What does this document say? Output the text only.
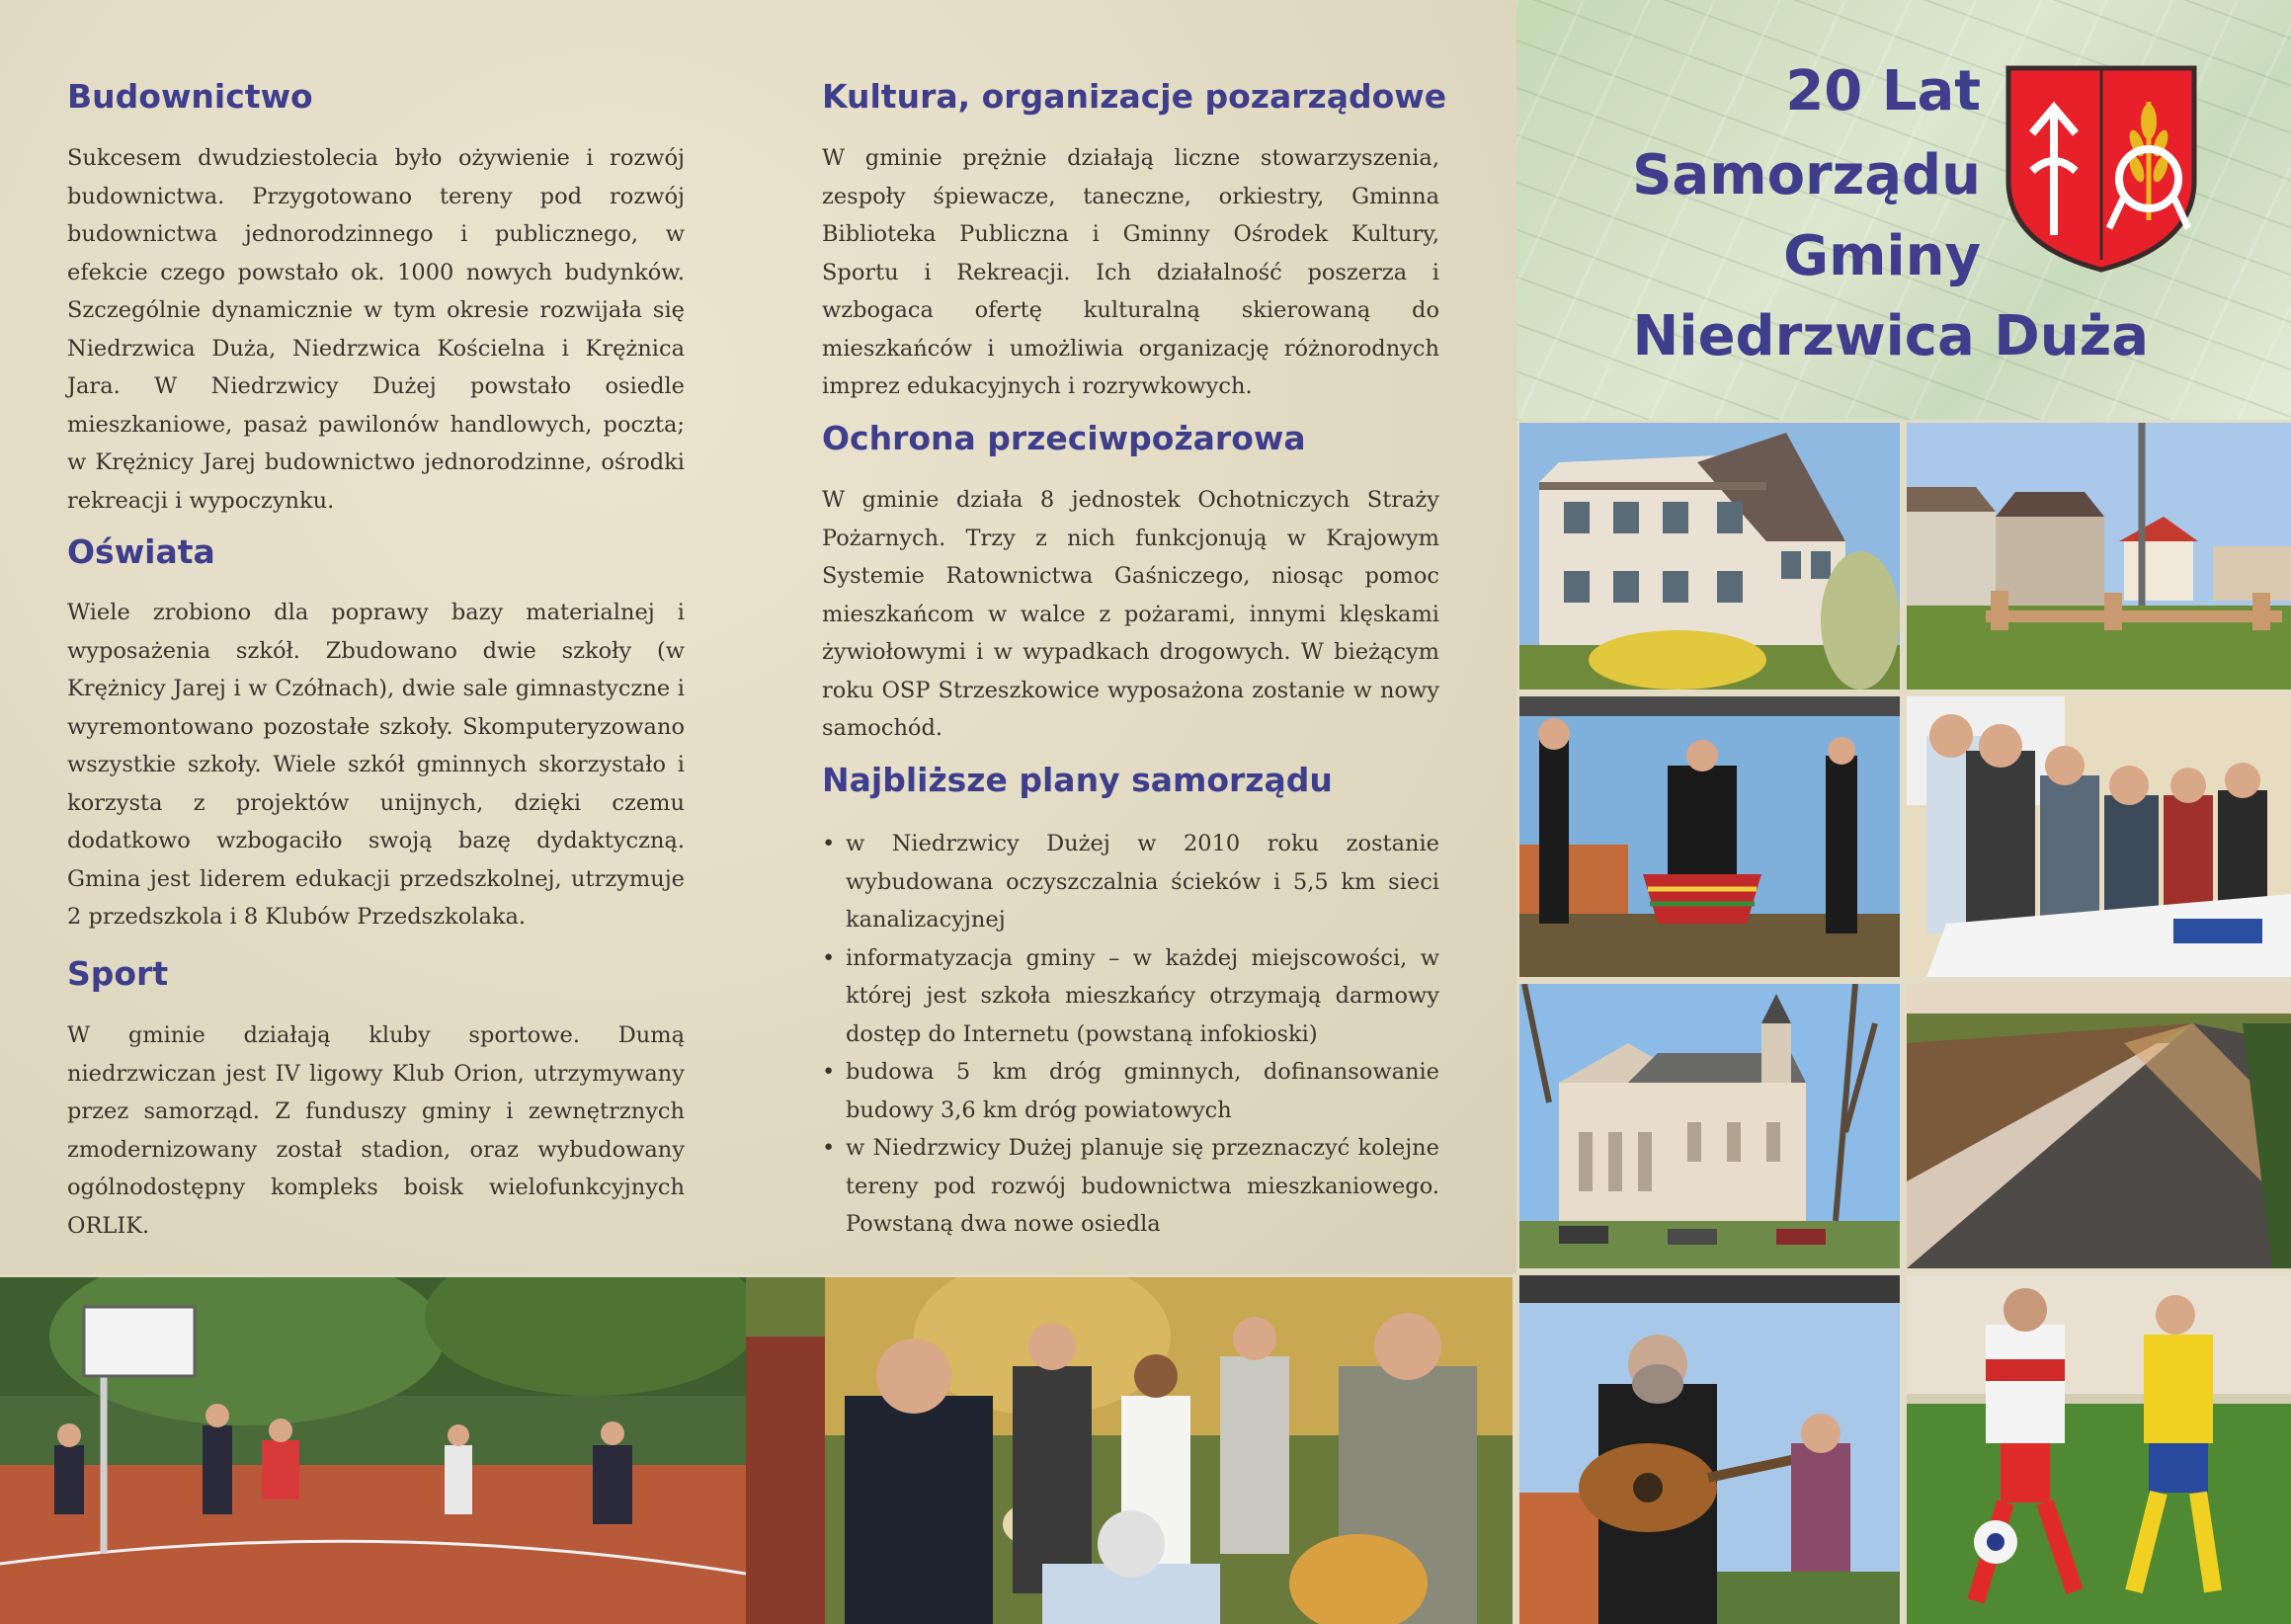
Budownictwo

Sukcesem dwudziestolecia było ożywienie i rozwój budownictwa. Przygotowano tereny pod rozwój budownictwa jednorodzinnego i publicznego, w efekcie czego powstało ok. 1000 nowych budynków. Szczególnie dynamicznie w tym okresie rozwijała się Niedrzwica Duża, Niedrzwica Kościelna i Krężnica Jara. W Niedrzwicy Dużej powstało osiedle mieszkaniowe, pasaż pawilonów handlowych, poczta; w Krężnicy Jarej budownictwo jednorodzinne, ośrodki rekreacji i wypoczynku.

Oświata

Wiele zrobiono dla poprawy bazy materialnej i wyposażenia szkół. Zbudowano dwie szkoły (w Krężnicy Jarej i w Czółnach), dwie sale gimnastyczne i wyremontowano pozostałe szkoły. Skomputeryzowano wszystkie szkoły. Wiele szkół gminnych skorzystało i korzysta z projektów unijnych, dzięki czemu dodatkowo wzbogaciło swoją bazę dydaktyczną. Gmina jest liderem edukacji przedszkolnej, utrzymuje 2 przedszkola i 8 Klubów Przedszkolaka.

Sport

W gminie działają kluby sportowe. Dumą niedrzwiczan jest IV ligowy Klub Orion, utrzymywany przez samorząd. Z funduszy gminy i zewnętrznych zmodernizowany został stadion, oraz wybudowany ogólnodostępny kompleks boisk wielofunkcyjnych ORLIK.

Kultura, organizacje pozarządowe

W gminie prężnie działają liczne stowarzyszenia, zespoły śpiewacze, taneczne, orkiestry, Gminna Biblioteka Publiczna i Gminny Ośrodek Kultury, Sportu i Rekreacji. Ich działalność poszerza i wzbogaca ofertę kulturalną skierowaną do mieszkańców i umożliwia organizację różnorodnych imprez edukacyjnych i rozrywkowych.

Ochrona przeciwpożarowa

W gminie działa 8 jednostek Ochotniczych Straży Pożarnych. Trzy z nich funkcjonują w Krajowym Systemie Ratownictwa Gaśniczego, niosąc pomoc mieszkańcom w walce z pożarami, innymi klęskami żywiołowymi i w wypadkach drogowych. W bieżącym roku OSP Strzeszkowice wyposażona zostanie w nowy samochód.

Najbliższe plany samorządu
• w Niedrzwicy Dużej w 2010 roku zostanie wybudowana oczyszczalnia ścieków i 5,5 km sieci kanalizacyjnej
• informatyzacja gminy – w każdej miejscowości, w której jest szkoła mieszkańcy otrzymają darmowy dostęp do Internetu (powstaną infokioski)
• budowa 5 km dróg gminnych, dofinansowanie budowy 3,6 km dróg powiatowych
• w Niedrzwicy Dużej planuje się przeznaczyć kolejne tereny pod rozwój budownictwa mieszkaniowego. Powstaną dwa nowe osiedla
20 Lat
Samorządu
Gminy
Niedrzwica Duża
